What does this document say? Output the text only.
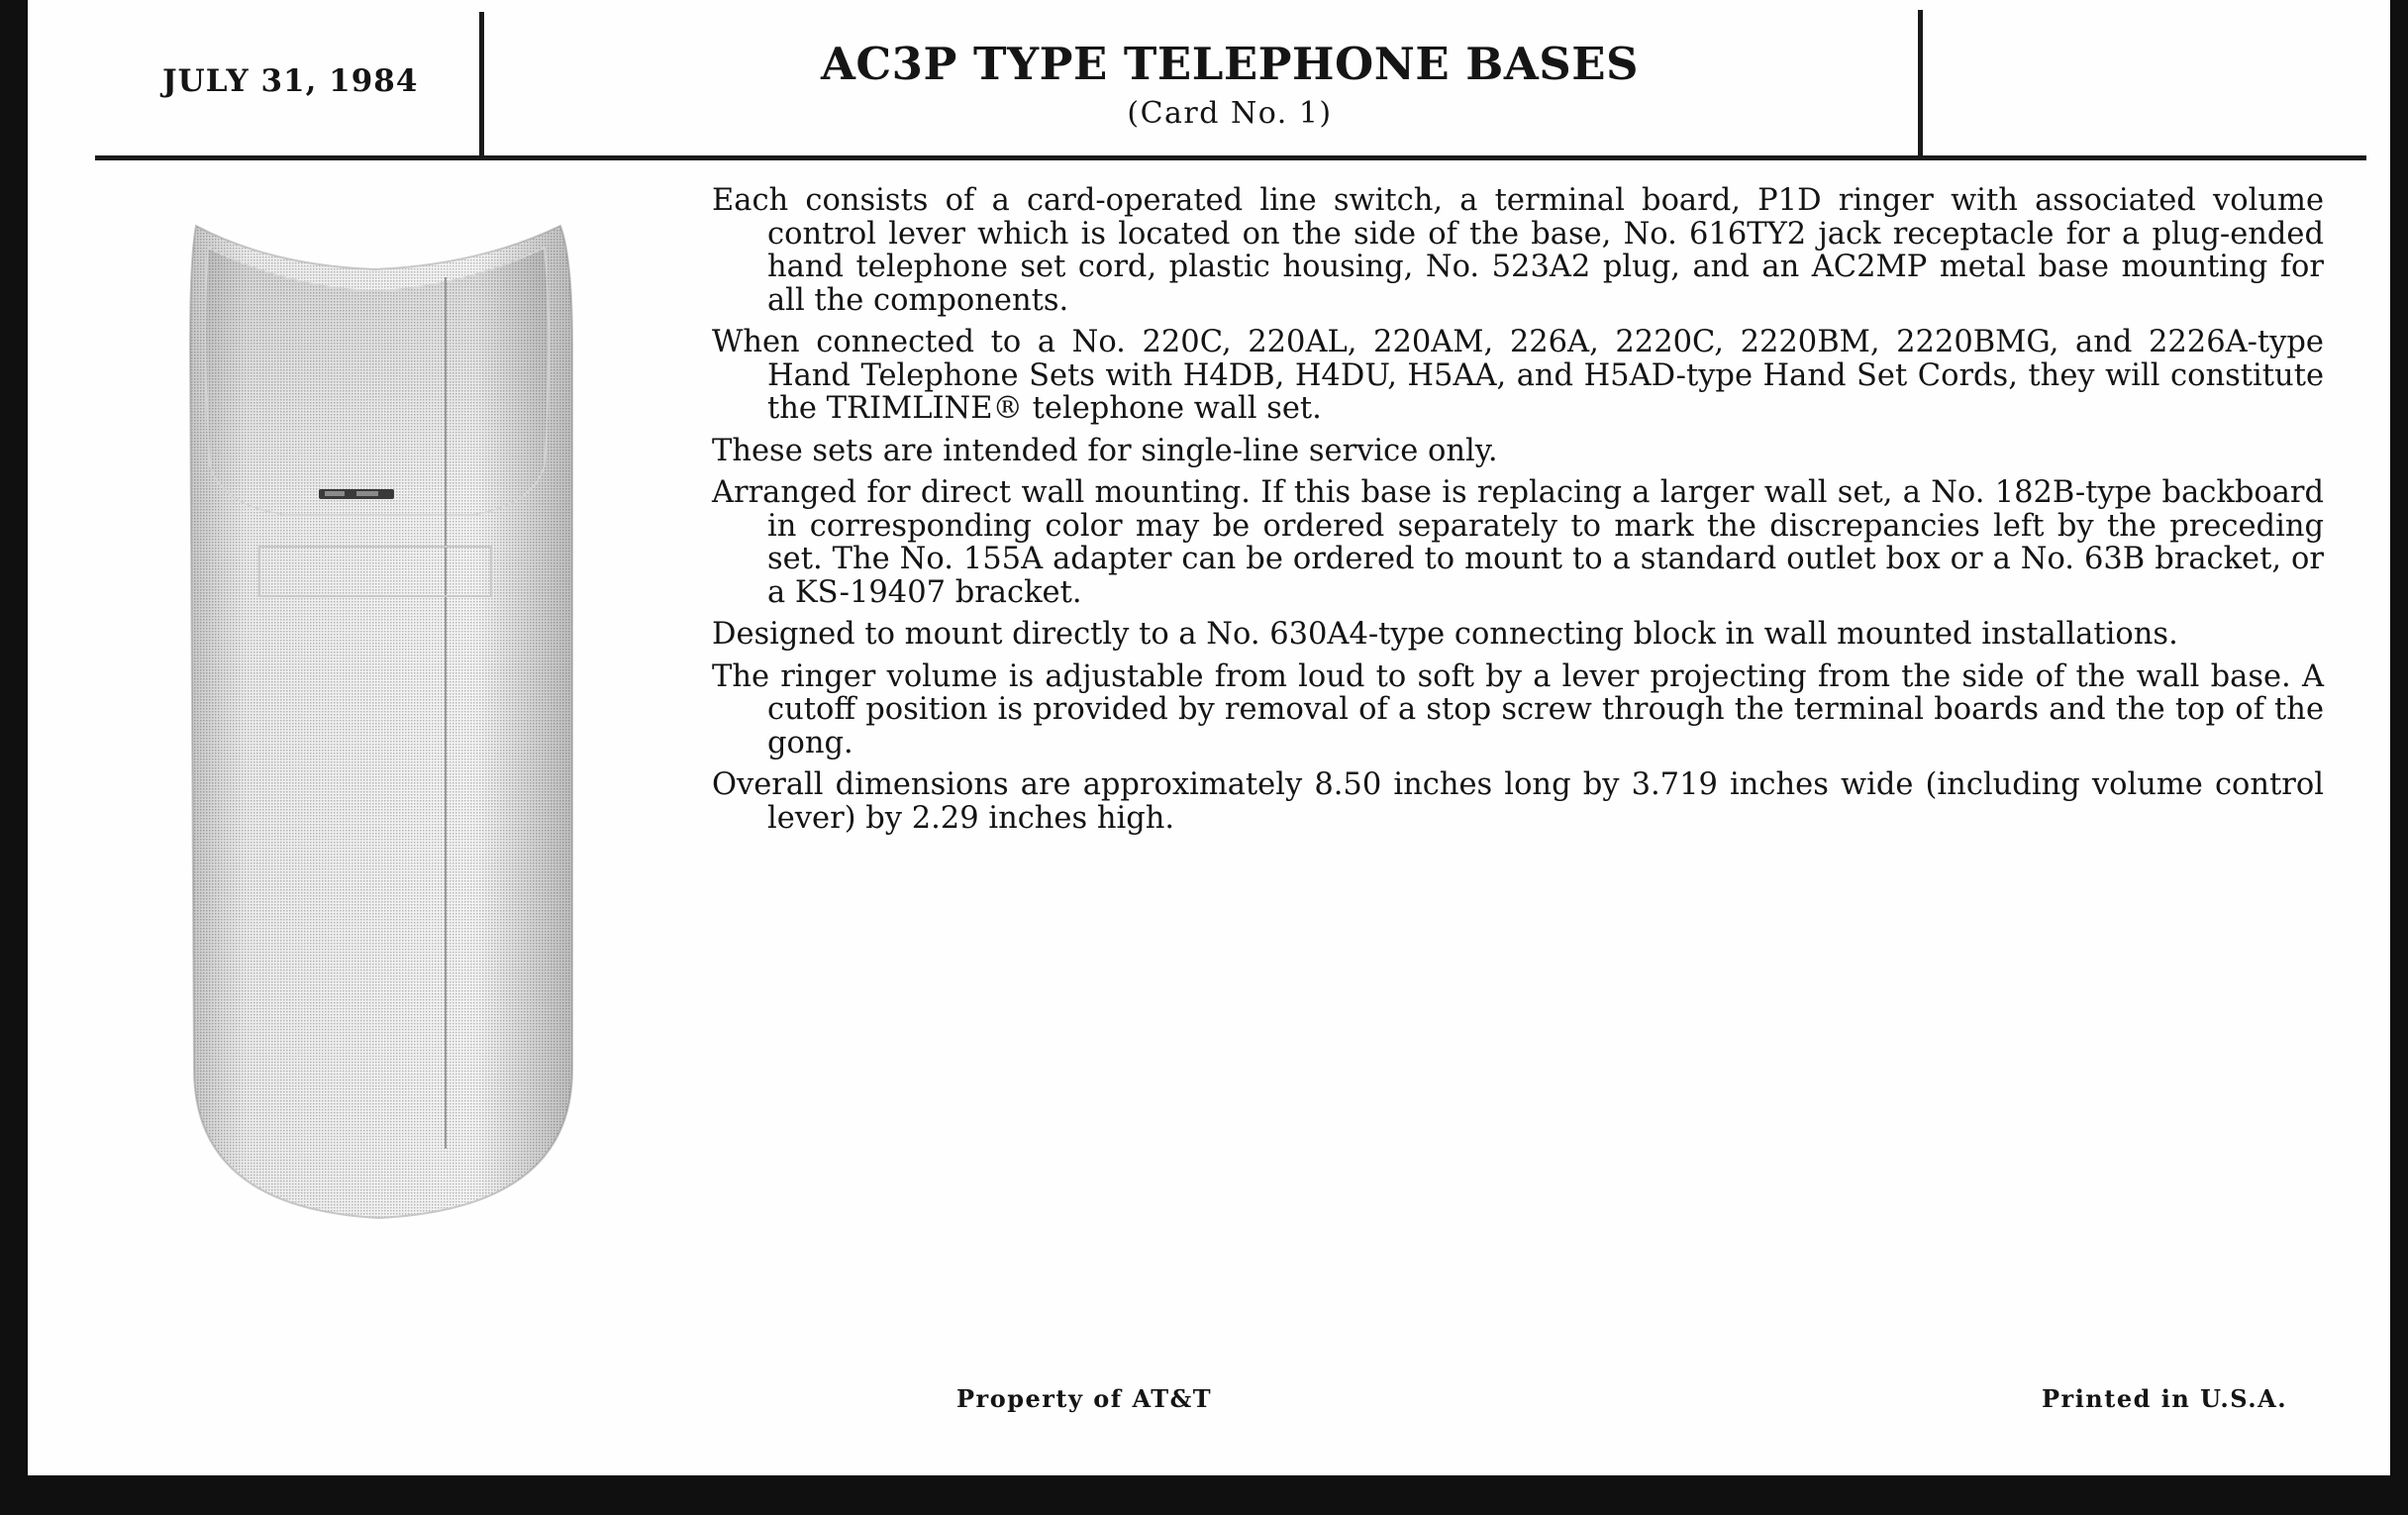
JULY 31, 1984	AC3P TYPE TELEPHONE BASES
(Card No. 1)

Each consists of a card-operated line switch, a terminal board, P1D ringer with associated volume control lever which is located on the side of the base, No. 616TY2 jack receptacle for a plug-ended hand telephone set cord, plastic housing, No. 523A2 plug, and an AC2MP metal base mounting for all the components.

When connected to a No. 220C, 220AL, 220AM, 226A, 2220C, 2220BM, 2220BMG, and 2226A-type Hand Telephone Sets with H4DB, H4DU, H5AA, and H5AD-type Hand Set Cords, they will constitute the TRIMLINE® telephone wall set.

These sets are intended for single-line service only.

Arranged for direct wall mounting. If this base is replacing a larger wall set, a No. 182B-type backboard in corresponding color may be ordered separately to mark the discrepancies left by the preceding set. The No. 155A adapter can be ordered to mount to a standard outlet box or a No. 63B bracket, or a KS-19407 bracket.

Designed to mount directly to a No. 630A4-type connecting block in wall mounted installations.

The ringer volume is adjustable from loud to soft by a lever projecting from the side of the wall base. A cutoff position is provided by removal of a stop screw through the terminal boards and the top of the gong.

Overall dimensions are approximately 8.50 inches long by 3.719 inches wide (including volume control lever) by 2.29 inches high.

Property of AT&T	Printed in U.S.A.
